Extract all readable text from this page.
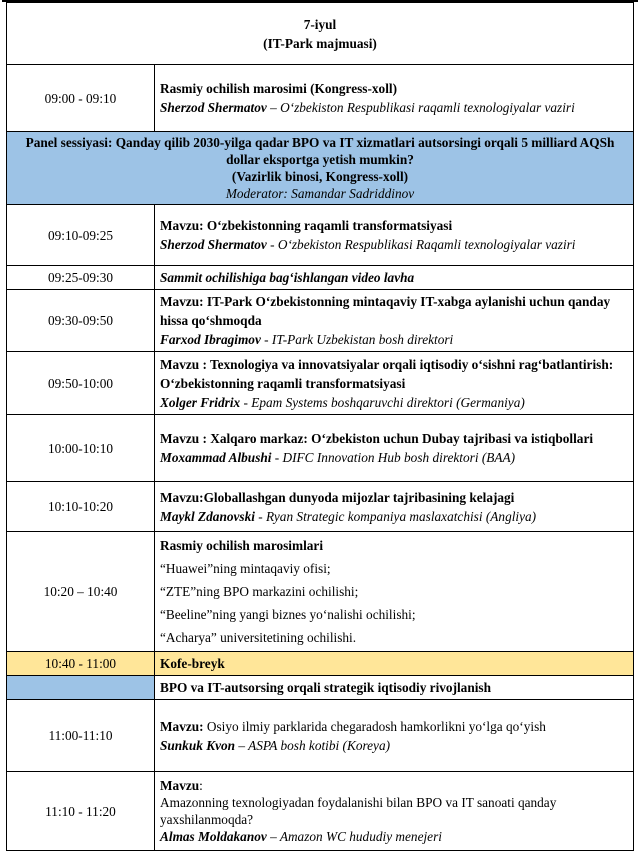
7-iyul
(IT-Park majmuasi)	

09:00 - 09:10	Rasmiy ochilish marosimi (Kongress-xoll)
Sherzod Shermatov – O‘zbekiston Respublikasi raqamli texnologiyalar vaziri

Panel sessiyasi: Qanday qilib 2030-yilga qadar BPO va IT xizmatlari autsorsingi orqali 5 milliard AQSh dollar eksportga yetish mumkin?
(Vazirlik binosi, Kongress-xoll)
Moderator: Samandar Sadriddinov	

09:10-09:25	Mavzu: O‘zbekistonning raqamli transformatsiyasi
Sherzod Shermatov - O‘zbekiston Respublikasi Raqamli texnologiyalar vaziri

09:25-09:30	Sammit ochilishiga bag‘ishlangan video lavha
09:30-09:50	Mavzu: IT-Park O‘zbekistonning mintaqaviy IT-xabga aylanishi uchun qanday hissa qo‘shmoqda
Farxod Ibragimov - IT-Park Uzbekistan bosh direktori

09:50-10:00	Mavzu : Texnologiya va innovatsiyalar orqali iqtisodiy o‘sishni rag‘batlantirish: O‘zbekistonning raqamli transformatsiyasi
Xolger Fridrix - Epam Systems boshqaruvchi direktori (Germaniya)

10:00-10:10	Mavzu : Xalqaro markaz: O‘zbekiston uchun Dubay tajribasi va istiqbollari
Moxammad Albushi - DIFC Innovation Hub bosh direktori (BAA)

10:10-10:20	Mavzu:Globallashgan dunyoda mijozlar tajribasining kelajagi
Maykl Zdanovski - Ryan Strategic kompaniya maslaxatchisi (Angliya)

10:20 – 10:40	Rasmiy ochilish marosimlari
“Huawei”ning mintaqaviy ofisi;
“ZTE”ning BPO markazini ochilishi;
“Beeline”ning yangi biznes yo‘nalishi ochilishi;
“Acharya” universitetining ochilishi.

10:40 - 11:00	Kofe-breyk
	BPO va IT-autsorsing orqali strategik iqtisodiy rivojlanish
11:00-11:10	Mavzu: Osiyo ilmiy parklarida chegaradosh hamkorlikni yo‘lga qo‘yish
Sunkuk Kvon – ASPA bosh kotibi (Koreya)

11:10 - 11:20	Mavzu:
Amazonning texnologiyadan foydalanishi bilan BPO va IT sanoati qanday yaxshilanmoqda?
Almas Moldakanov – Amazon WC hududiy menejeri
